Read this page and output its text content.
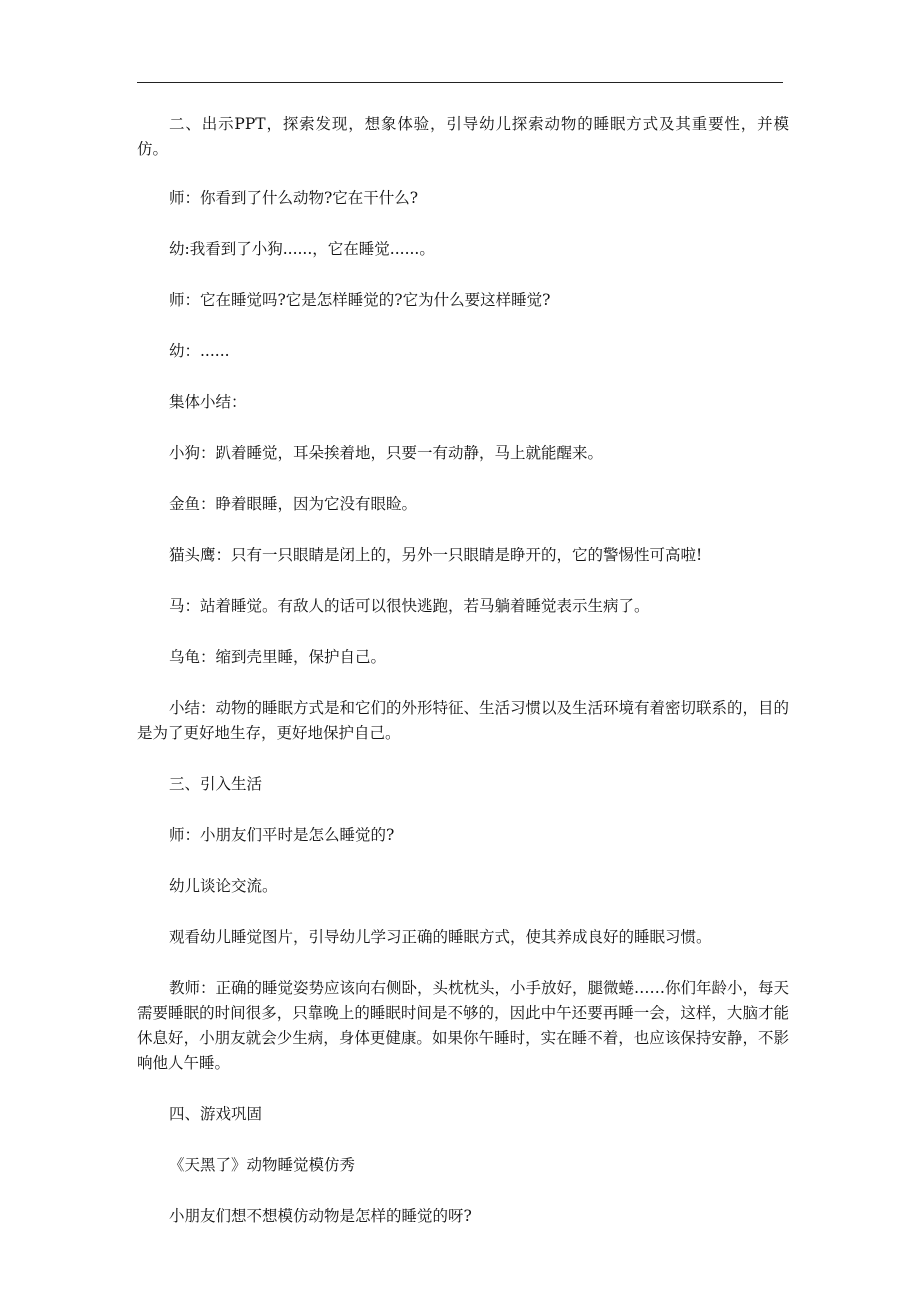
二、出示PPT，探索发现，想象体验，引导幼儿探索动物的睡眠方式及其重要性，并模仿。

师：你看到了什么动物?它在干什么?

幼:我看到了小狗......，它在睡觉......。

师：它在睡觉吗?它是怎样睡觉的?它为什么要这样睡觉?

幼：......

集体小结：

小狗：趴着睡觉，耳朵挨着地，只要一有动静，马上就能醒来。

金鱼：睁着眼睡，因为它没有眼睑。

猫头鹰：只有一只眼睛是闭上的，另外一只眼睛是睁开的，它的警惕性可高啦!

马：站着睡觉。有敌人的话可以很快逃跑，若马躺着睡觉表示生病了。

乌龟：缩到壳里睡，保护自己。

小结：动物的睡眠方式是和它们的外形特征、生活习惯以及生活环境有着密切联系的，目的是为了更好地生存，更好地保护自己。

三、引入生活

师：小朋友们平时是怎么睡觉的?

幼儿谈论交流。

观看幼儿睡觉图片，引导幼儿学习正确的睡眠方式，使其养成良好的睡眠习惯。

教师：正确的睡觉姿势应该向右侧卧，头枕枕头，小手放好，腿微蜷……你们年龄小，每天需要睡眠的时间很多，只靠晚上的睡眠时间是不够的，因此中午还要再睡一会，这样，大脑才能休息好，小朋友就会少生病，身体更健康。如果你午睡时，实在睡不着，也应该保持安静，不影响他人午睡。

四、游戏巩固

《天黑了》动物睡觉模仿秀

小朋友们想不想模仿动物是怎样的睡觉的呀?
